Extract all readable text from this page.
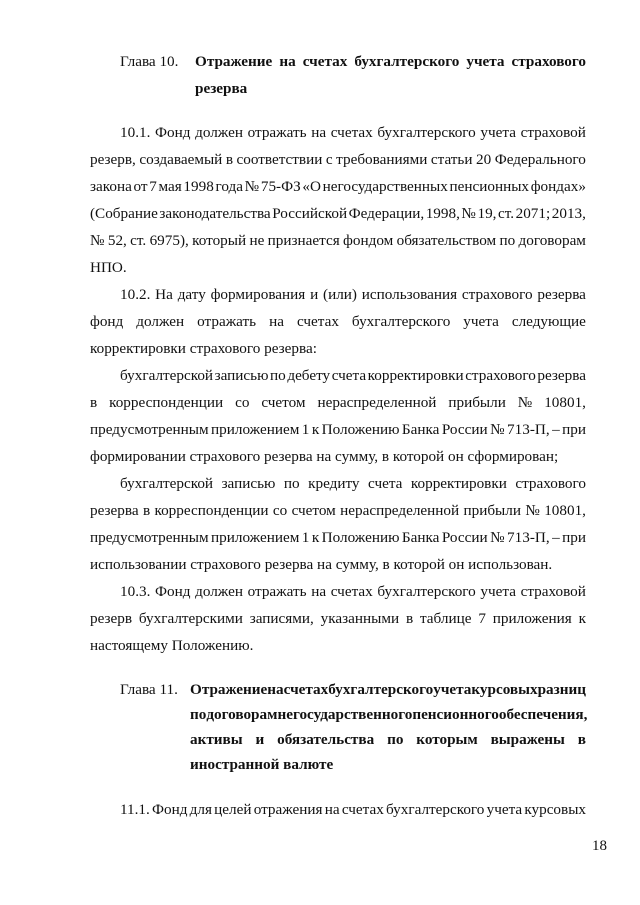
Глава 10. Отражение на счетах бухгалтерского учета страхового
резерва
10.1. Фонд должен отражать на счетах бухгалтерского учета страховой
резерв, создаваемый в соответствии с требованиями статьи 20 Федерального
закона от 7 мая 1998 года № 75-ФЗ «О негосударственных пенсионных фондах»
(Собрание законодательства Российской Федерации, 1998, № 19, ст. 2071; 2013,
№ 52, ст. 6975), который не признается фондом обязательством по договорам
НПО.
10.2. На дату формирования и (или) использования страхового резерва
фонд должен отражать на счетах бухгалтерского учета следующие
корректировки страхового резерва:
бухгалтерской записью по дебету счета корректировки страхового резерва
в корреспонденции со счетом нераспределенной прибыли № 10801,
предусмотренным приложением 1 к Положению Банка России № 713-П, – при
формировании страхового резерва на сумму, в которой он сформирован;
бухгалтерской записью по кредиту счета корректировки страхового
резерва в корреспонденции со счетом нераспределенной прибыли № 10801,
предусмотренным приложением 1 к Положению Банка России № 713-П, – при
использовании страхового резерва на сумму, в которой он использован.
10.3. Фонд должен отражать на счетах бухгалтерского учета страховой
резерв бухгалтерскими записями, указанными в таблице 7 приложения к
настоящему Положению.
Глава 11. Отражение на счетах бухгалтерского учета курсовых разниц
по договорам негосударственного пенсионного обеспечения,
активы и обязательства по которым выражены в
иностранной валюте
11.1. Фонд для целей отражения на счетах бухгалтерского учета курсовых
18
